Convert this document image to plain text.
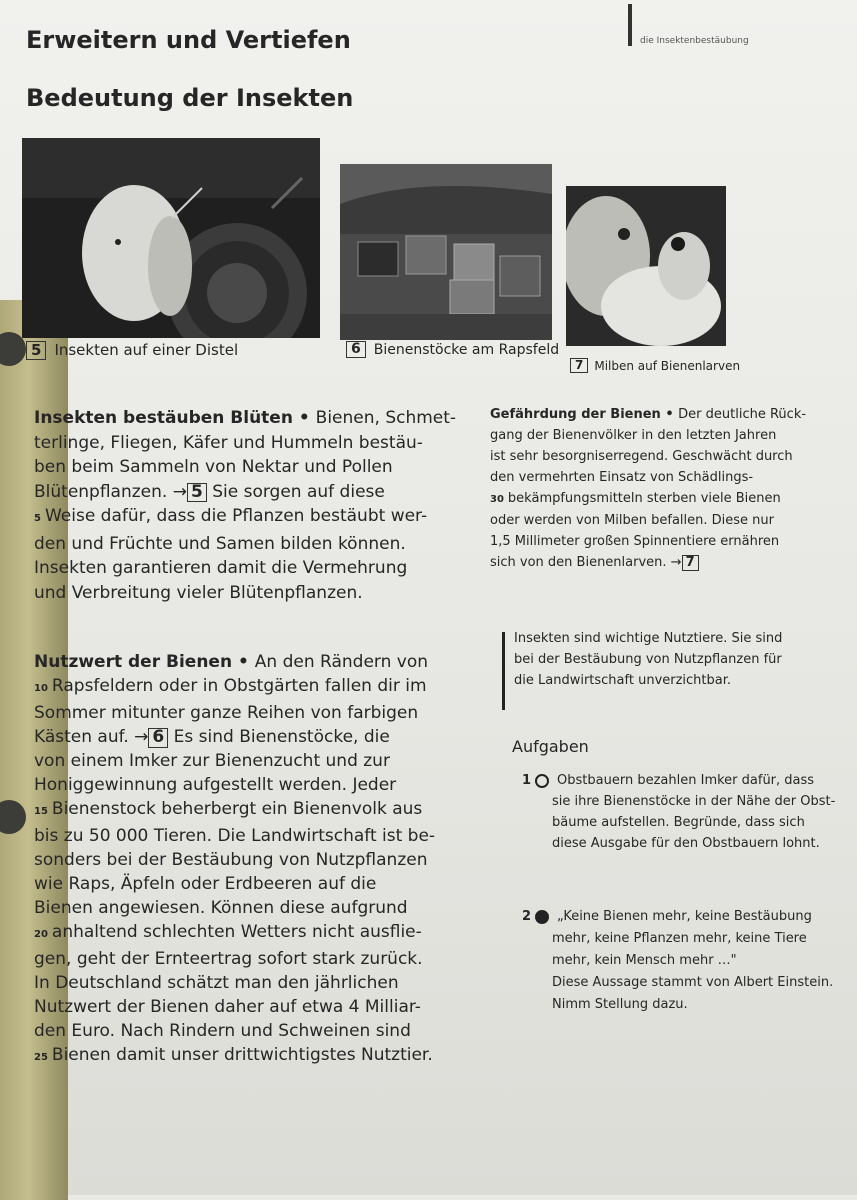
die Insektenbestäubung
Erweitern und Vertiefen
Bedeutung der Insekten
5 Insekten auf einer Distel	6 Bienenstöcke am Rapsfeld
7 Milben auf Bienenlarven
Insekten bestäuben Blüten • Bienen, Schmet-
terlinge, Fliegen, Käfer und Hummeln bestäu-
ben beim Sammeln von Nektar und Pollen
Blütenpflanzen. → 5 Sie sorgen auf diese
5 Weise dafür, dass die Pflanzen bestäubt wer-
den und Früchte und Samen bilden können.
Insekten garantieren damit die Vermehrung
und Verbreitung vieler Blütenpflanzen.
Nutzwert der Bienen • An den Rändern von
10 Rapsfeldern oder in Obstgärten fallen dir im
Sommer mitunter ganze Reihen von farbigen
Kästen auf. → 6 Es sind Bienenstöcke, die
von einem Imker zur Bienenzucht und zur
Honiggewinnung aufgestellt werden. Jeder
15 Bienenstock beherbergt ein Bienenvolk aus
bis zu 50 000 Tieren. Die Landwirtschaft ist be-
sonders bei der Bestäubung von Nutzpflanzen
wie Raps, Äpfeln oder Erdbeeren auf die
Bienen angewiesen. Können diese aufgrund
20 anhaltend schlechten Wetters nicht ausflie-
gen, geht der Ernteertrag sofort stark zurück.
In Deutschland schätzt man den jährlichen
Nutzwert der Bienen daher auf etwa 4 Milliar-
den Euro. Nach Rindern und Schweinen sind
25 Bienen damit unser drittwichtigstes Nutztier.
Gefährdung der Bienen • Der deutliche Rück-
gang der Bienenvölker in den letzten Jahren
ist sehr besorgniserregend. Geschwächt durch
den vermehrten Einsatz von Schädlings-
30 bekämpfungsmitteln sterben viele Bienen
oder werden von Milben befallen. Diese nur
1,5 Millimeter großen Spinnentiere ernähren
sich von den Bienenlarven. → 7
Insekten sind wichtige Nutztiere. Sie sind
bei der Bestäubung von Nutzpflanzen für
die Landwirtschaft unverzichtbar.
Aufgaben
1 Obstbauern bezahlen Imker dafür, dass
sie ihre Bienenstöcke in der Nähe der Obst-
bäume aufstellen. Begründe, dass sich
diese Ausgabe für den Obstbauern lohnt.
2 „Keine Bienen mehr, keine Bestäubung
mehr, keine Pflanzen mehr, keine Tiere
mehr, kein Mensch mehr …"
Diese Aussage stammt von Albert Einstein.
Nimm Stellung dazu.
